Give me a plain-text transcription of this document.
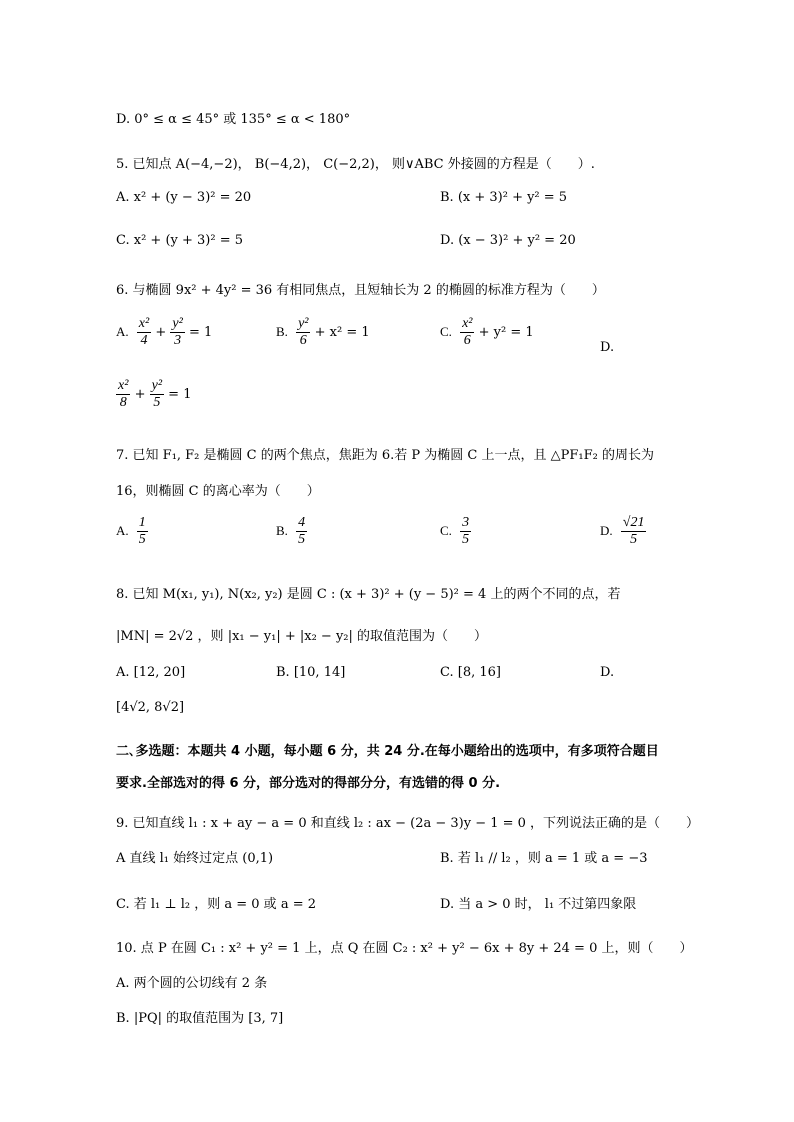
D. 0° ≤ α ≤ 45° 或 135° ≤ α < 180°
5. 已知点 A(−4,−2)， B(−4,2)， C(−2,2)， 则∨ABC 外接圆的方程是（　　）.
A. x² + (y − 3)² = 20	B. (x + 3)² + y² = 5
C. x² + (y + 3)² = 5	D. (x − 3)² + y² = 20
6. 与椭圆 9x² + 4y² = 36 有相同焦点，且短轴长为 2 的椭圆的标准方程为（　　）
A. $\frac{\text{x²}}{4} + \frac{\text{y²}}{3} = 1$	B. $\frac{\text{y²}}{6} + x^2 = 1$	C. $\frac{\text{x²}}{6} + y^2 = 1$
D.
$\frac{\text{x²}}{8} + \frac{\text{y²}}{5} = 1$
7. 已知 F₁, F₂ 是椭圆 C 的两个焦点，焦距为 6.若 P 为椭圆 C 上一点，且 △PF₁F₂ 的周长为
16，则椭圆 C 的离心率为（　　）
A. $\frac{1}{5}$	B. $\frac{4}{5}$	C. $\frac{3}{5}$	D. $\frac{√21}{5}$
8. 已知 M(x₁, y₁), N(x₂, y₂) 是圆 C : (x + 3)² + (y − 5)² = 4 上的两个不同的点，若
|MN| = 2√2 ，则 |x₁ − y₁| + |x₂ − y₂| 的取值范围为（　　）
A. [12, 20]	B. [10, 14]	C. [8, 16]	D.
[4√2, 8√2]
二､多选题：本题共 4 小题，每小题 6 分，共 24 分.在每小题给出的选项中，有多项符合题目
要求.全部选对的得 6 分，部分选对的得部分分，有选错的得 0 分.
9. 已知直线 l₁ : x + ay − a = 0 和直线 l₂ : ax − (2a − 3)y − 1 = 0 ，下列说法正确的是（　　）
A 直线 l₁ 始终过定点 (0,1)	B. 若 l₁ // l₂ ，则 a = 1 或 a = −3
C. 若 l₁ ⊥ l₂ ，则 a = 0 或 a = 2	D. 当 a > 0 时， l₁ 不过第四象限
10. 点 P 在圆 C₁ : x² + y² = 1 上，点 Q 在圆 C₂ : x² + y² − 6x + 8y + 24 = 0 上，则（　　）
A. 两个圆的公切线有 2 条
B. |PQ| 的取值范围为 [3, 7]
